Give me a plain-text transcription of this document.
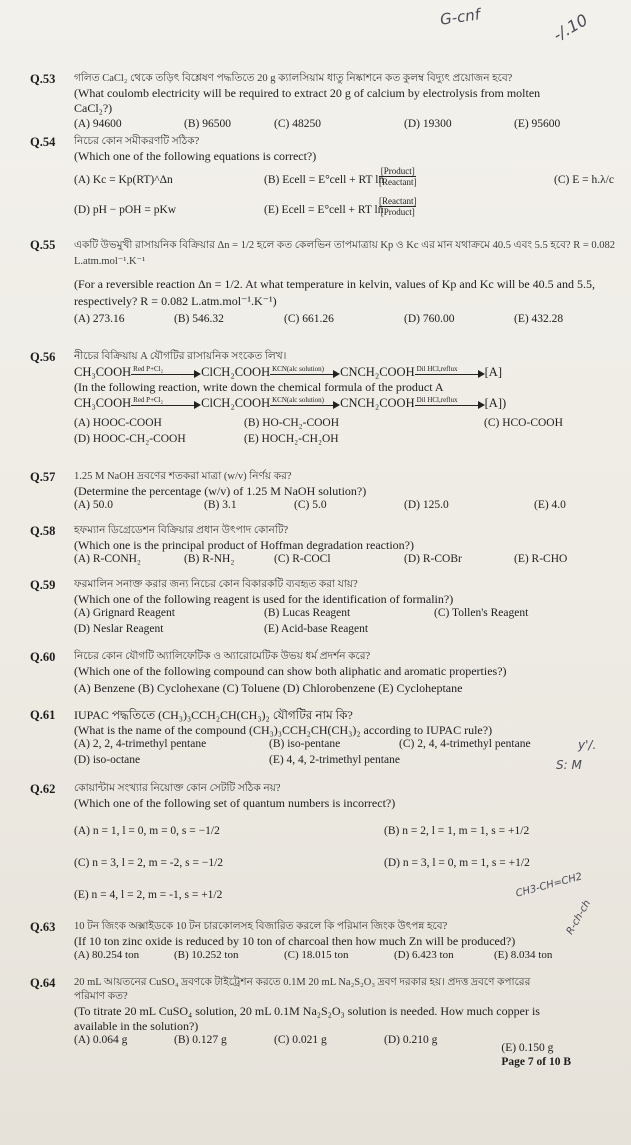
G-cnf	-/.10
y'/.
S: M
CH3-CH=CH2
R-ch-ch
Q.53 গলিত CaCl₂ থেকে তড়িৎ বিশ্লেষণ পদ্ধতিতে 20 g ক্যালসিয়াম ধাতু নিষ্কাশনে কত কুলম্ব বিদ্যুৎ প্রয়োজন হবে?
(What coulomb electricity will be required to extract 20 g of calcium by electrolysis from molten CaCl₂?)
(A) 94600	(B) 96500	(C) 48250	(D) 19300	(E) 95600
Q.54 নিচের কোন সমীকরণটি সঠিক?
(Which one of the following equations is correct?)
(A) Kc = Kp(RT)^Δn	(B) Ecell = E°cell + RT ln
[Product]
[Reactant]	(C) E = h.λ/c
(D) pH − pOH = pKw	(E) Ecell = E°cell + RT ln
[Reactant]
[Product]
Q.55 একটি উভমুখী রাসায়নিক বিক্রিয়ার Δn = 1/2 হলে কত কেলভিন তাপমাত্রায় Kp ও Kc এর মান যথাক্রমে 40.5 এবং 5.5 হবে? R = 0.082 L.atm.mol⁻¹.K⁻¹
(For a reversible reaction Δn = 1/2. At what temperature in kelvin, values of Kp and Kc will be 40.5 and 5.5, respectively? R = 0.082 L.atm.mol⁻¹.K⁻¹)
(A) 273.16	(B) 546.32	(C) 661.26	(D) 760.00	(E) 432.28
Q.56 নীচের বিক্রিয়ায় A যৌগটির রাসায়নিক সংকেত লিখ।
CH₃COOH Red P+Cl₂	ClCH₂COOH KCN(alc solution) CNCH₂COOH Dil HCl,reflux [A]
(In the following reaction, write down the chemical formula of the product A
CH₃COOH Red P+Cl₂	ClCH₂COOH KCN(alc solution) CNCH₂COOH Dil HCl,reflux [A])
(A) HOOC-COOH	(B) HO-CH₂-COOH	(C) HCO-COOH
(D) HOOC-CH₂-COOH	(E) HOCH₂-CH₂OH
Q.57 1.25 M NaOH দ্রবণের শতকরা মাত্রা (w/v) নির্ণয় কর?
(Determine the percentage (w/v) of 1.25 M NaOH solution?)
(A) 50.0	(B) 3.1	(C) 5.0	(D) 125.0	(E) 4.0
Q.58 হফম্যান ডিগ্রেডেশন বিক্রিয়ার প্রধান উৎপাদ কোনটি?
(Which one is the principal product of Hoffman degradation reaction?)
(A) R-CONH₂	(B) R-NH₂	(C) R-COCl	(D) R-COBr	(E) R-CHO
Q.59 ফরমালিন সনাক্ত করার জন্য নিচের কোন বিকারকটি ব্যবহৃত করা যায়?
(Which one of the following reagent is used for the identification of formalin?)
(A) Grignard Reagent	(B) Lucas Reagent	(C) Tollen's Reagent
(D) Neslar Reagent	(E) Acid-base Reagent
Q.60 নিচের কোন যৌগটি অ্যালিফেটিক ও অ্যারোমেটিক উভয় ধর্ম প্রদর্শন করে?
(Which one of the following compound can show both aliphatic and aromatic properties?)
(A) Benzene (B) Cyclohexane (C) Toluene (D) Chlorobenzene (E) Cycloheptane
Q.61 IUPAC পদ্ধতিতে (CH₃)₃CCH₂CH(CH₃)₂ যৌগটির নাম কি?
(What is the name of the compound (CH₃)₃CCH₂CH(CH₃)₂ according to IUPAC rule?)
(A) 2, 2, 4-trimethyl pentane	(B) iso-pentane	(C) 2, 4, 4-trimethyl pentane
(D) iso-octane	(E) 4, 4, 2-trimethyl pentane
Q.62 কোয়ান্টাম সংখ্যার নিয়োক্ত কোন সেটটি সঠিক নয়?
(Which one of the following set of quantum numbers is incorrect?)
(A) n = 1, l = 0, m = 0, s = −1/2	(B) n = 2, l = 1, m = 1, s = +1/2
(C) n = 3, l = 2, m = -2, s = −1/2	(D) n = 3, l = 0, m = 1, s = +1/2
(E) n = 4, l = 2, m = -1, s = +1/2
Q.63 10 টন জিংক অক্সাইডকে 10 টন চারকোলসহ বিজারিত করলে কি পরিমান জিংক উৎপন্ন হবে?
(If 10 ton zinc oxide is reduced by 10 ton of charcoal then how much Zn will be produced?)
(A) 80.254 ton	(B) 10.252 ton	(C) 18.015 ton	(D) 6.423 ton	(E) 8.034 ton
Q.64 20 mL আয়তনের CuSO₄ দ্রবণকে টাইট্রেশন করতে 0.1M 20 mL Na₂S₂O₃ দ্রবণ দরকার হয়। প্রদত্ত দ্রবণে কপারের পরিমাণ কত?
(To titrate 20 mL CuSO₄ solution, 20 mL 0.1M Na₂S₂O₃ solution is needed. How much copper is available in the solution?)
(A) 0.064 g	(B) 0.127 g	(C) 0.021 g	(D) 0.210 g
(E) 0.150 g
Page 7 of 10 B
